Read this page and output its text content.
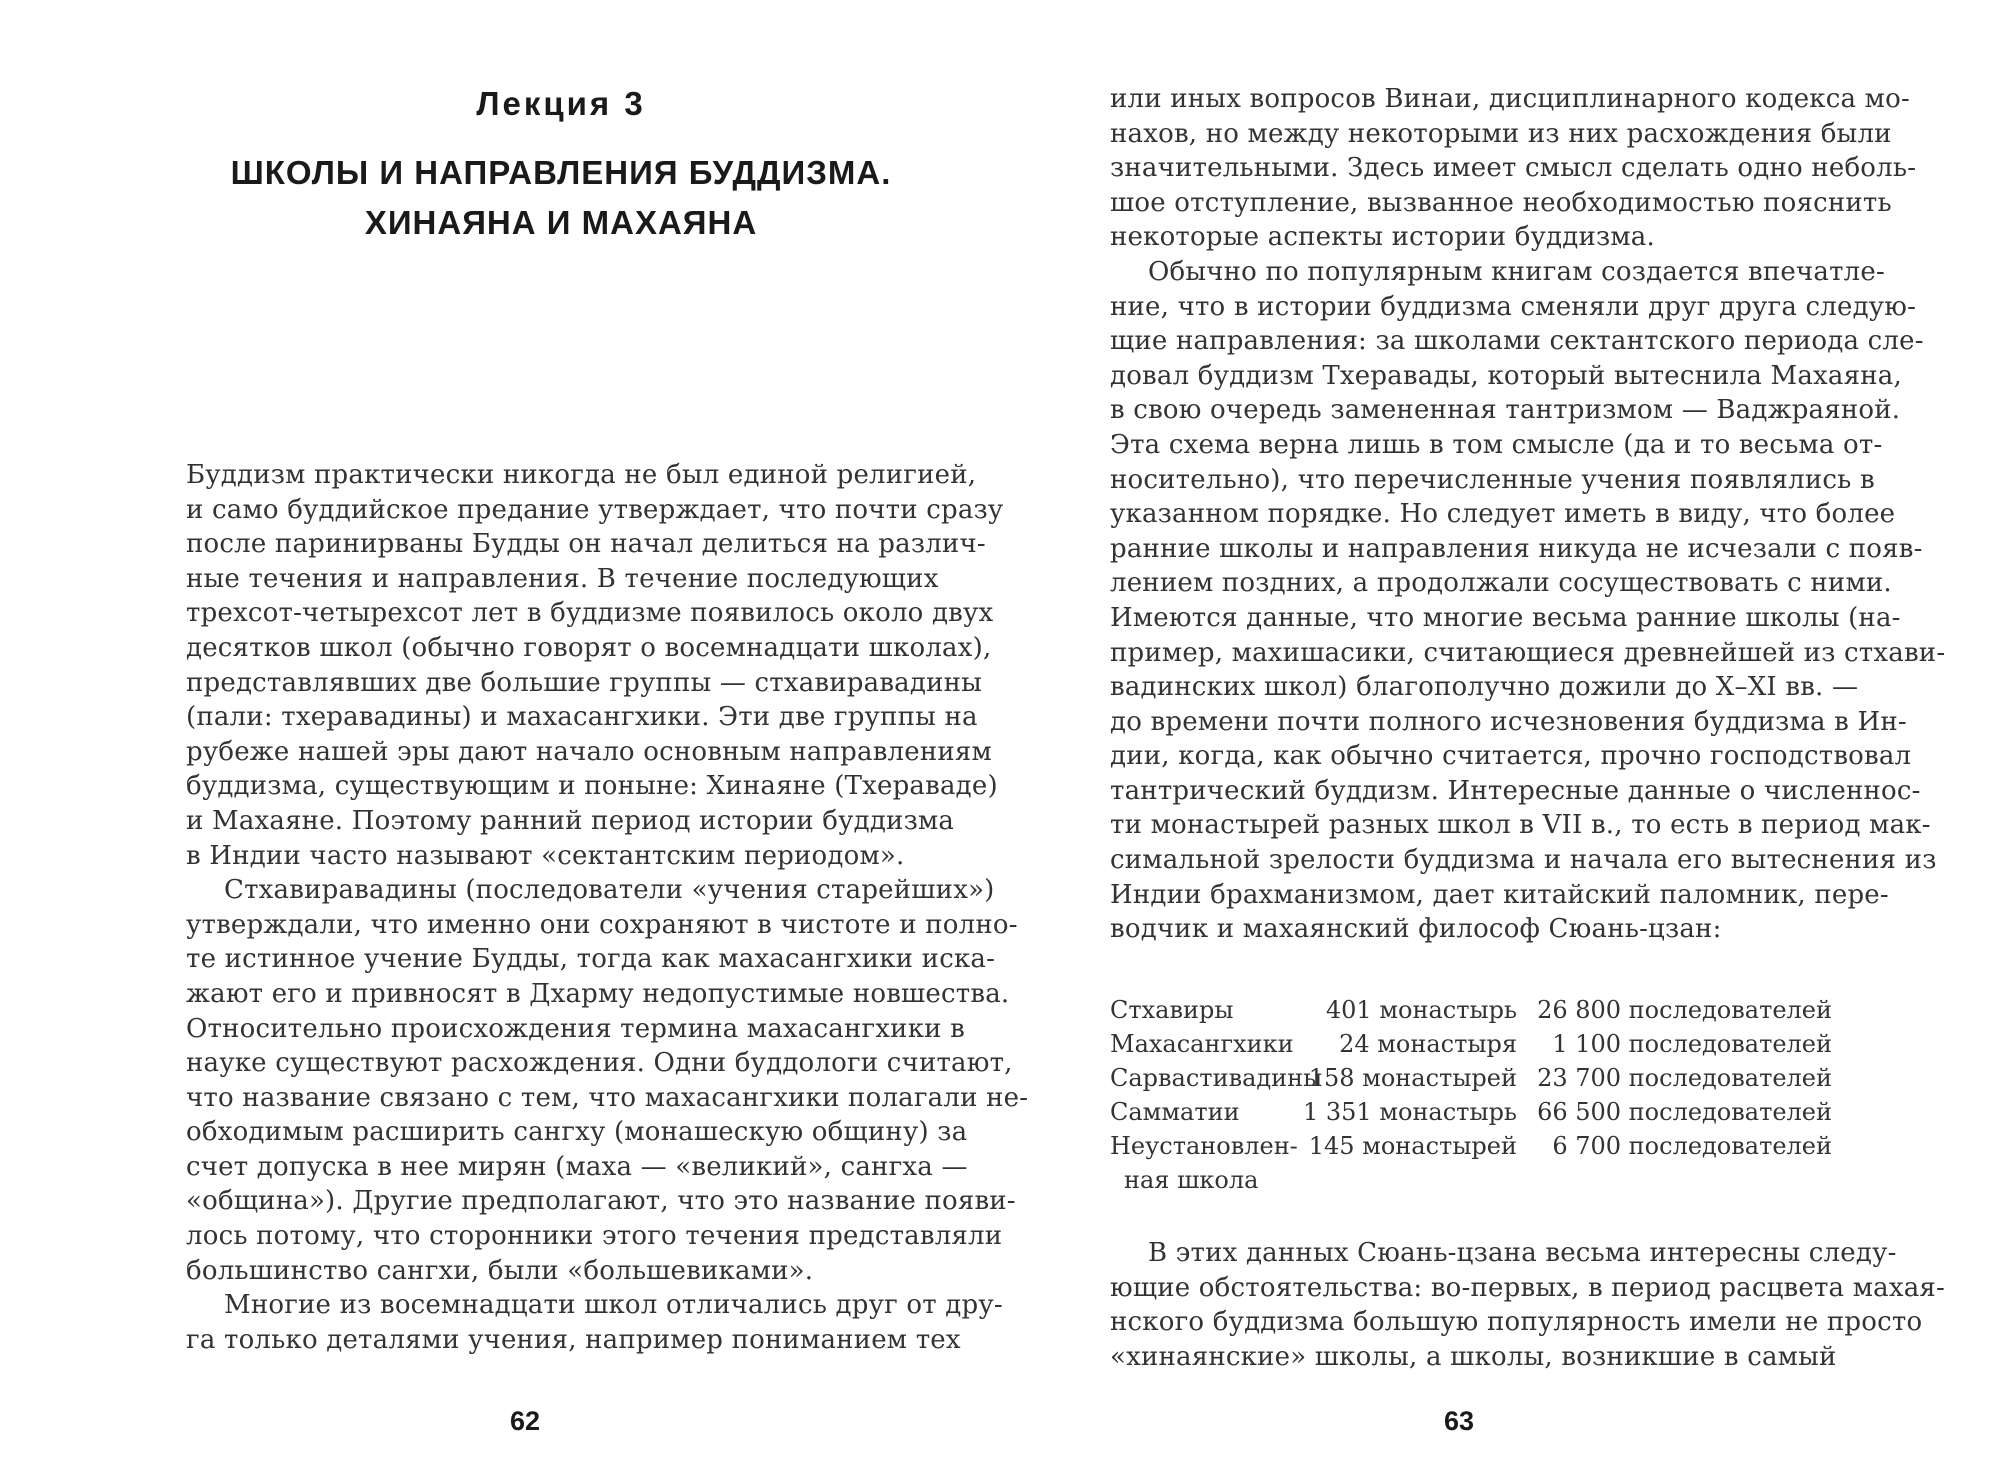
Лекция 3
ШКОЛЫ И НАПРАВЛЕНИЯ БУДДИЗМА.
ХИНАЯНА И МАХАЯНА
Буддизм практически никогда не был единой религией,
и само буддийское предание утверждает, что почти сразу
после паринирваны Будды он начал делиться на различ-
ные течения и направления. В течение последующих
трехсот-четырехсот лет в буддизме появилось около двух
десятков школ (обычно говорят о восемнадцати школах),
представлявших две большие группы — стхавиравадины
(пали: тхеравадины) и махасангхики. Эти две группы на
рубеже нашей эры дают начало основным направлениям
буддизма, существующим и поныне: Хинаяне (Тхераваде)
и Махаяне. Поэтому ранний период истории буддизма
в Индии часто называют «сектантским периодом».
Стхавиравадины (последователи «учения старейших»)
утверждали, что именно они сохраняют в чистоте и полно-
те истинное учение Будды, тогда как махасангхики иска-
жают его и привносят в Дхарму недопустимые новшества.
Относительно происхождения термина махасангхики в
науке существуют расхождения. Одни буддологи считают,
что название связано с тем, что махасангхики полагали не-
обходимым расширить сангху (монашескую общину) за
счет допуска в нее мирян (маха — «великий», сангха —
«община»). Другие предполагают, что это название появи-
лось потому, что сторонники этого течения представляли
большинство сангхи, были «большевиками».
Многие из восемнадцати школ отличались друг от дру-
га только деталями учения, например пониманием тех
62
или иных вопросов Винаи, дисциплинарного кодекса мо-
нахов, но между некоторыми из них расхождения были
значительными. Здесь имеет смысл сделать одно неболь-
шое отступление, вызванное необходимостью пояснить
некоторые аспекты истории буддизма.
Обычно по популярным книгам создается впечатле-
ние, что в истории буддизма сменяли друг друга следую-
щие направления: за школами сектантского периода сле-
довал буддизм Тхеравады, который вытеснила Махаяна,
в свою очередь замененная тантризмом — Ваджраяной.
Эта схема верна лишь в том смысле (да и то весьма от-
носительно), что перечисленные учения появлялись в
указанном порядке. Но следует иметь в виду, что более
ранние школы и направления никуда не исчезали с появ-
лением поздних, а продолжали сосуществовать с ними.
Имеются данные, что многие весьма ранние школы (на-
пример, махишасики, считающиеся древнейшей из стхави-
вадинских школ) благополучно дожили до X–XI вв. —
до времени почти полного исчезновения буддизма в Ин-
дии, когда, как обычно считается, прочно господствовал
тантрический буддизм. Интересные данные о численнос-
ти монастырей разных школ в VII в., то есть в период мак-
симальной зрелости буддизма и начала его вытеснения из
Индии брахманизмом, дает китайский паломник, пере-
водчик и махаянский философ Сюань-цзан:
Стхавиры	401 монастырь 26 800 последователей
Махасангхики 24 монастыря 1 100 последователей
Сарвастивадины
158 монастырей 23 700 последователей
Самматии	1 351 монастырь 66 500 последователей
Неустановлен- 145 монастырей 6 700 последователей
ная школа
В этих данных Сюань-цзана весьма интересны следу-
ющие обстоятельства: во-первых, в период расцвета махая-
нского буддизма большую популярность имели не просто
«хинаянские» школы, а школы, возникшие в самый
63
